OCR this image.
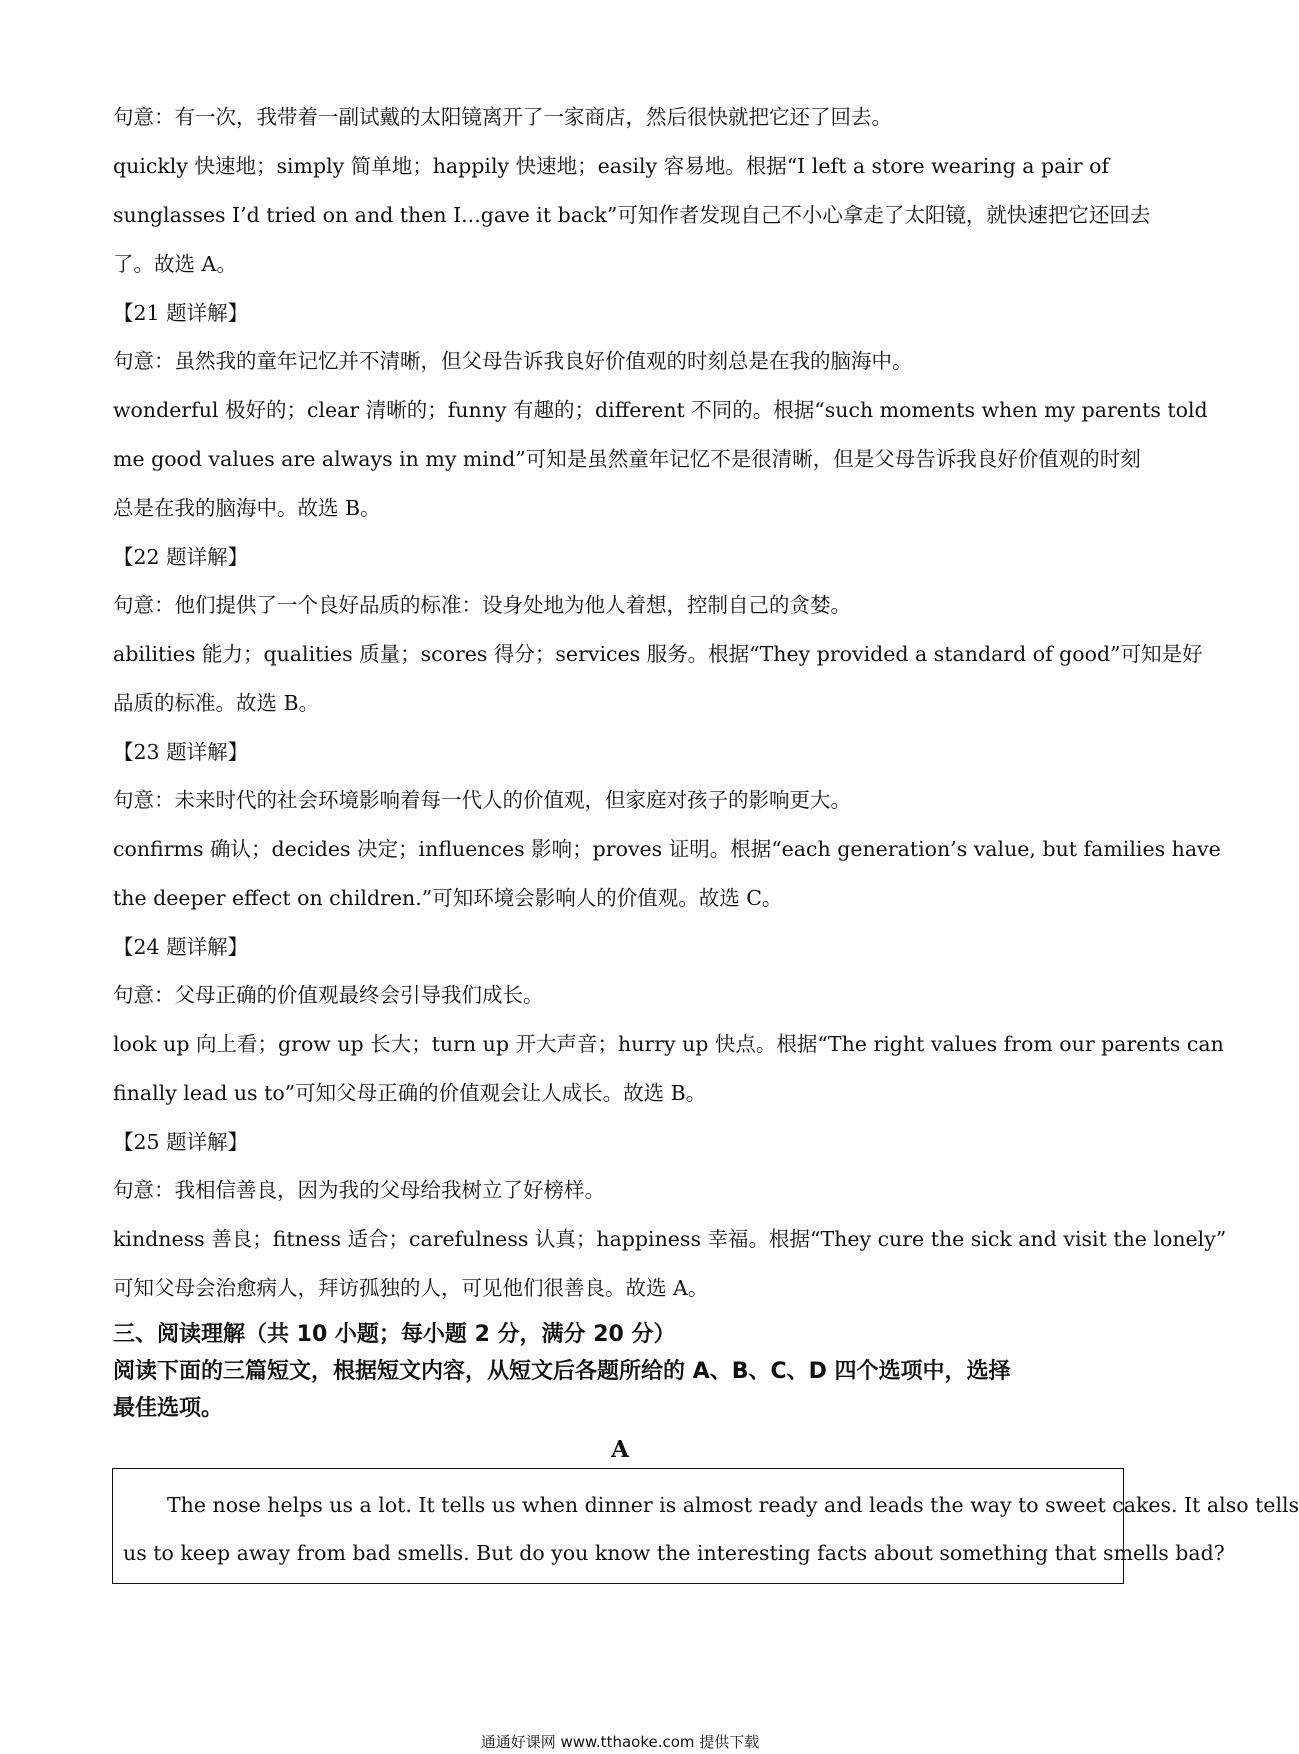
句意：有一次，我带着一副试戴的太阳镜离开了一家商店，然后很快就把它还了回去。
quickly 快速地；simply 简单地；happily 快速地；easily 容易地。根据“I left a store wearing a pair of
sunglasses I’d tried on and then I...gave it back”可知作者发现自己不小心拿走了太阳镜，就快速把它还回去
了。故选 A。
【21 题详解】
句意：虽然我的童年记忆并不清晰，但父母告诉我良好价值观的时刻总是在我的脑海中。
wonderful 极好的；clear 清晰的；funny 有趣的；different 不同的。根据“such moments when my parents told
me good values are always in my mind”可知是虽然童年记忆不是很清晰，但是父母告诉我良好价值观的时刻
总是在我的脑海中。故选 B。
【22 题详解】
句意：他们提供了一个良好品质的标准：设身处地为他人着想，控制自己的贪婪。
abilities 能力；qualities 质量；scores 得分；services 服务。根据“They provided a standard of good”可知是好
品质的标准。故选 B。
【23 题详解】
句意：未来时代的社会环境影响着每一代人的价值观，但家庭对孩子的影响更大。
confirms 确认；decides 决定；influences 影响；proves 证明。根据“each generation’s value, but families have
the deeper effect on children.”可知环境会影响人的价值观。故选 C。
【24 题详解】
句意：父母正确的价值观最终会引导我们成长。
look up 向上看；grow up 长大；turn up 开大声音；hurry up 快点。根据“The right values from our parents can
finally lead us to”可知父母正确的价值观会让人成长。故选 B。
【25 题详解】
句意：我相信善良，因为我的父母给我树立了好榜样。
kindness 善良；fitness 适合；carefulness 认真；happiness 幸福。根据“They cure the sick and visit the lonely”
可知父母会治愈病人，拜访孤独的人，可见他们很善良。故选 A。
三、阅读理解（共 10 小题；每小题 2 分，满分 20 分）
阅读下面的三篇短文，根据短文内容，从短文后各题所给的 A、B、C、D 四个选项中，选择
最佳选项。
A
The nose helps us a lot. It tells us when dinner is almost ready and leads the way to sweet cakes. It also tells
us to keep away from bad smells. But do you know the interesting facts about something that smells bad?
通通好课网 www.tthaoke.com 提供下载
